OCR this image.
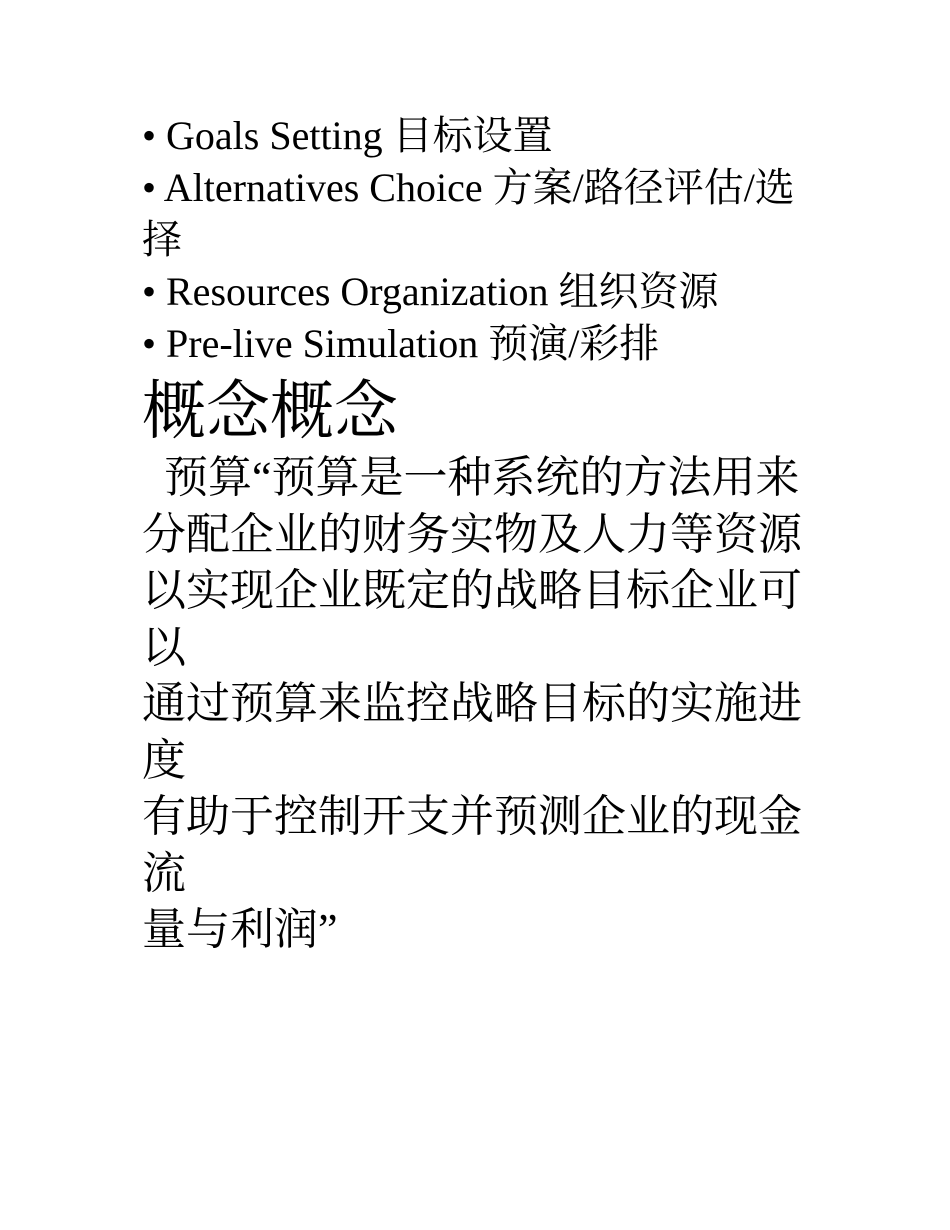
• Goals Setting 目标设置
• Alternatives Choice 方案/路径评估/选择
• Resources Organization 组织资源
• Pre-live Simulation 预演/彩排
概念概念
预算“预算是一种系统的方法用来
分配企业的财务实物及人力等资源
以实现企业既定的战略目标企业可以
通过预算来监控战略目标的实施进度
有助于控制开支并预测企业的现金流
量与利润”
